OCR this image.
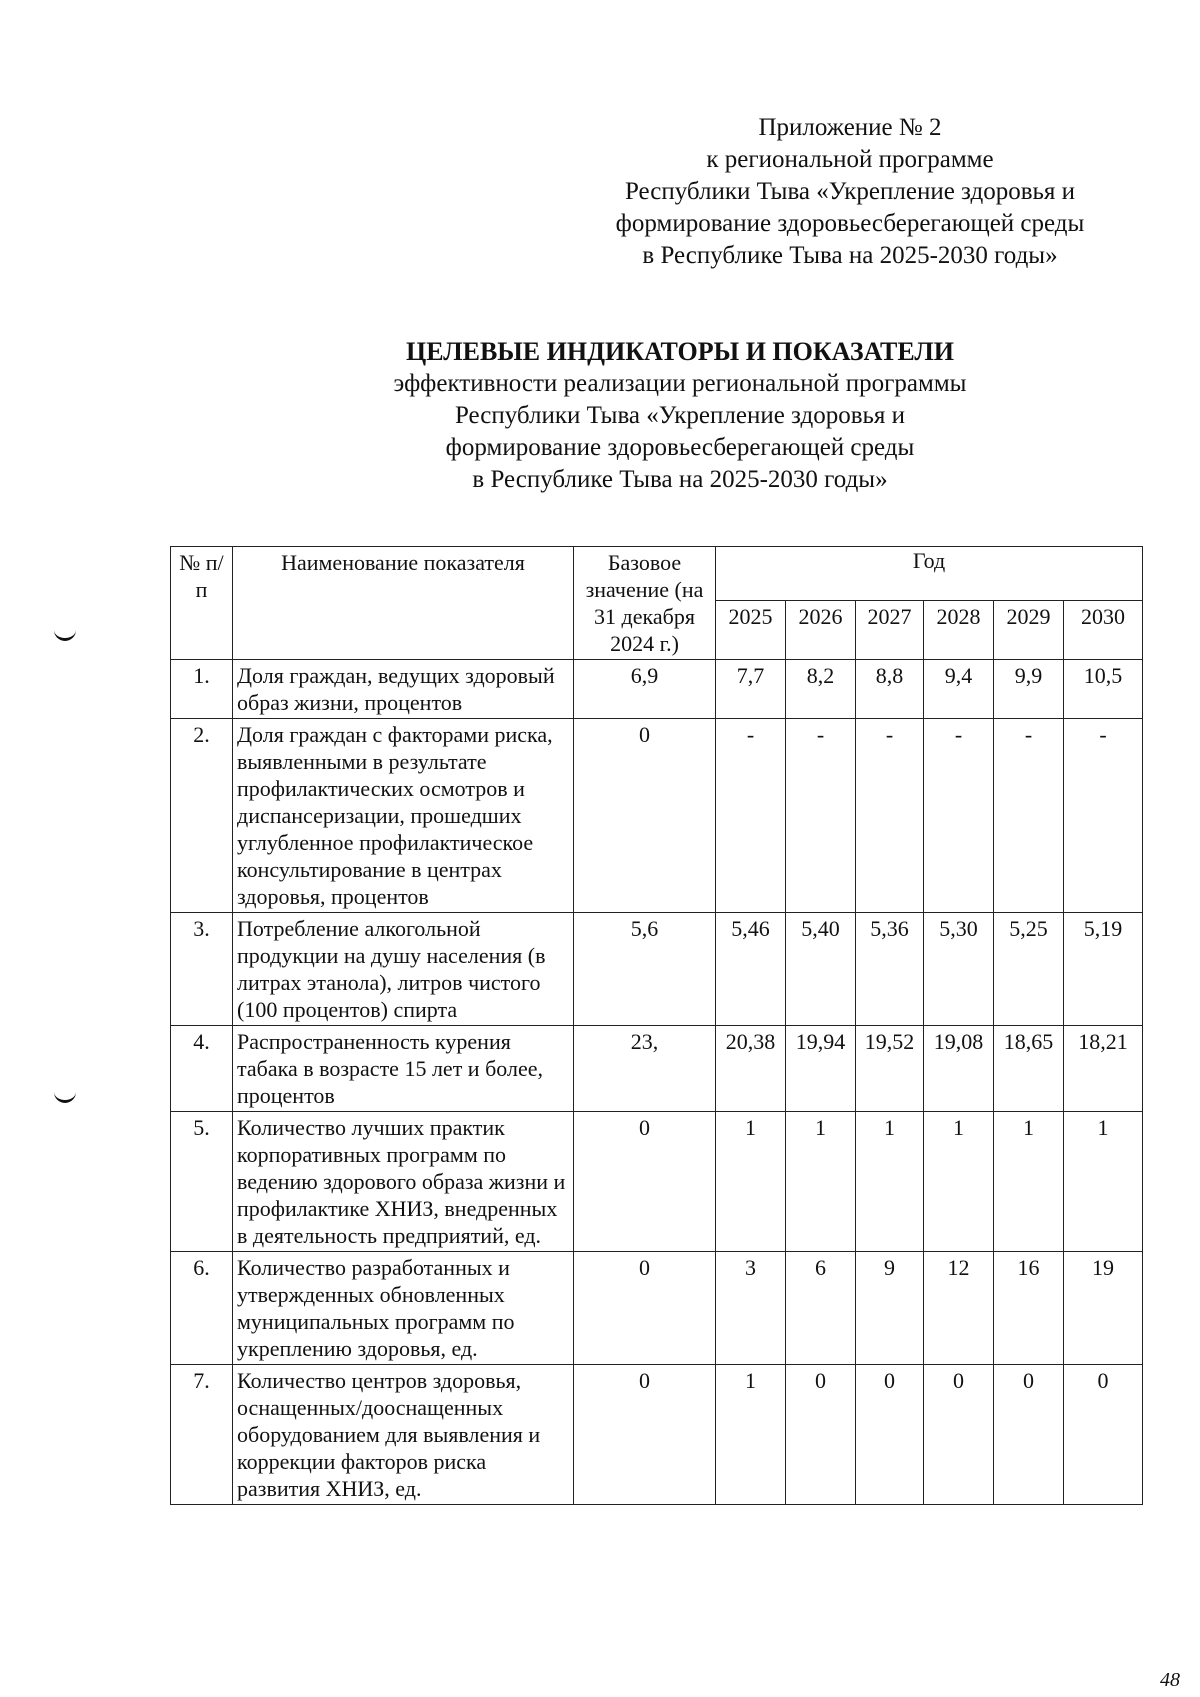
Приложение № 2
к региональной программе
Республики Тыва «Укрепление здоровья и
формирование здоровьесберегающей среды
в Республике Тыва на 2025-2030 годы»
ЦЕЛЕВЫЕ ИНДИКАТОРЫ И ПОКАЗАТЕЛИ
эффективности реализации региональной программы
Республики Тыва «Укрепление здоровья и
формирование здоровьесберегающей среды
в Республике Тыва на 2025-2030 годы»
№ п/п	Наименование показателя	Базовое значение (на 31 декабря 2024 г.)	Год					
			2025	2026	2027	2028	2029	2030
1.	Доля граждан, ведущих здоровый образ жизни, процентов	6,9	7,7	8,2	8,8	9,4	9,9	10,5
2.	Доля граждан с факторами риска, выявленными в результате профилактических осмотров и диспансеризации, прошедших углубленное профилактическое консультирование в центрах здоровья, процентов	0	-	-	-	-	-	-
3.	Потребление алкогольной продукции на душу населения (в литрах этанола), литров чистого (100 процентов) спирта	5,6	5,46	5,40	5,36	5,30	5,25	5,19
4.	Распространенность курения табака в возрасте 15 лет и более, процентов	23,	20,38	19,94	19,52	19,08	18,65	18,21
5.	Количество лучших практик корпоративных программ по ведению здорового образа жизни и профилактике ХНИЗ, внедренных в деятельность предприятий, ед.	0	1	1	1	1	1	1
6.	Количество разработанных и утвержденных обновленных муниципальных программ по укреплению здоровья, ед.	0	3	6	9	12	16	19
7.	Количество центров здоровья, оснащенных/дооснащенных оборудованием для выявления и коррекции факторов риска развития ХНИЗ, ед.	0	1	0	0	0	0	0
48
